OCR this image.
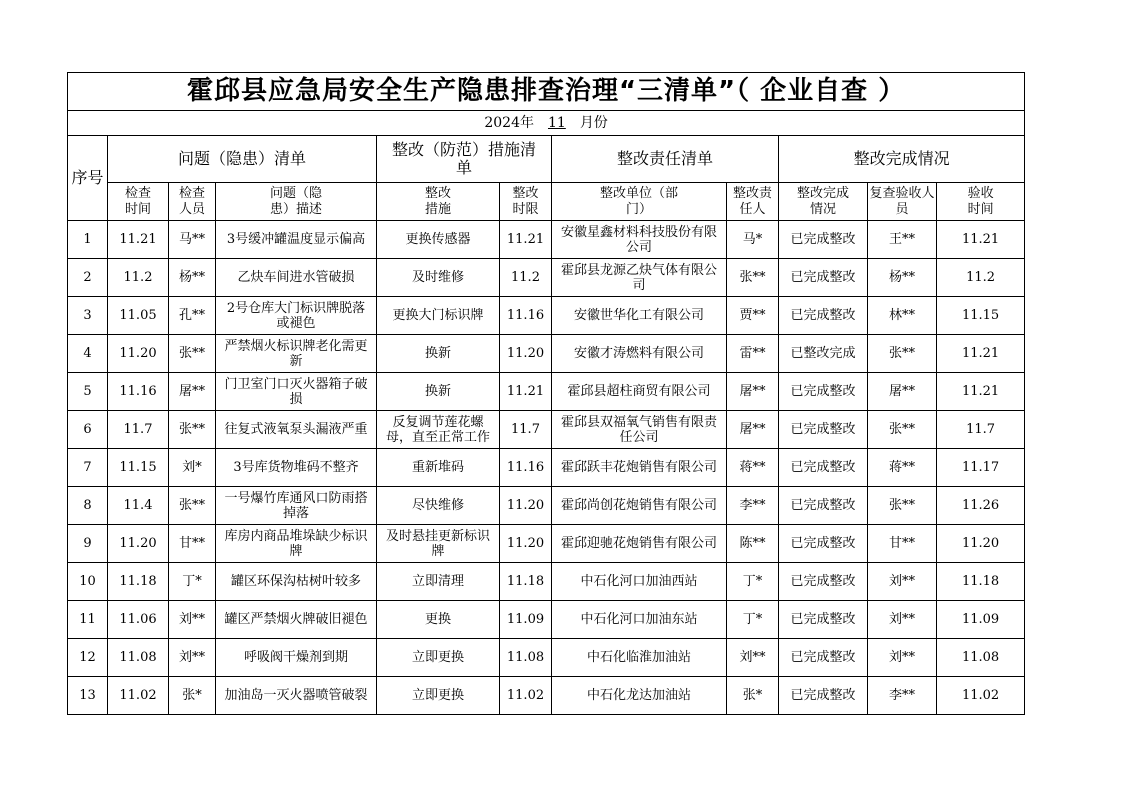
霍邱县应急局安全生产隐患排查治理“三清单”（ 企业自查 ）										
2024年 11 月份										
序号	问题（隐患）清单			整改（防范）措施清单		整改责任清单		整改完成情况		
	检查时间	检查人员	问题（隐患）描述	整改措施	整改时限	整改单位（部门）	整改责任人	整改完成情况	复查验收人员	验收时间
1	11.21	马**	3号缓冲罐温度显示偏高	更换传感器	11.21	安徽星鑫材料科技股份有限公司	马*	已完成整改	王**	11.21
2	11.2	杨**	乙炔车间进水管破损	及时维修	11.2	霍邱县龙源乙炔气体有限公司	张**	已完成整改	杨**	11.2
3	11.05	孔**	2号仓库大门标识牌脱落或褪色	更换大门标识牌	11.16	安徽世华化工有限公司	贾**	已完成整改	林**	11.15
4	11.20	张**	严禁烟火标识牌老化需更新	换新	11.20	安徽才涛燃料有限公司	雷**	已整改完成	张**	11.21
5	11.16	屠**	门卫室门口灭火器箱子破损	换新	11.21	霍邱县超柱商贸有限公司	屠**	已完成整改	屠**	11.21
6	11.7	张**	往复式液氧泵头漏液严重	反复调节莲花螺母，直至正常工作	11.7	霍邱县双福氧气销售有限责任公司	屠**	已完成整改	张**	11.7
7	11.15	刘*	3号库货物堆码不整齐	重新堆码	11.16	霍邱跃丰花炮销售有限公司	蒋**	已完成整改	蒋**	11.17
8	11.4	张**	一号爆竹库通风口防雨搭掉落	尽快维修	11.20	霍邱尚创花炮销售有限公司	李**	已完成整改	张**	11.26
9	11.20	甘**	库房内商品堆垛缺少标识牌	及时悬挂更新标识牌	11.20	霍邱迎驰花炮销售有限公司	陈**	已完成整改	甘**	11.20
10	11.18	丁*	罐区环保沟枯树叶较多	立即清理	11.18	中石化河口加油西站	丁*	已完成整改	刘**	11.18
11	11.06	刘**	罐区严禁烟火牌破旧褪色	更换	11.09	中石化河口加油东站	丁*	已完成整改	刘**	11.09
12	11.08	刘**	呼吸阀干燥剂到期	立即更换	11.08	中石化临淮加油站	刘**	已完成整改	刘**	11.08
13	11.02	张*	加油岛一灭火器喷管破裂	立即更换	11.02	中石化龙达加油站	张*	已完成整改	李**	11.02
